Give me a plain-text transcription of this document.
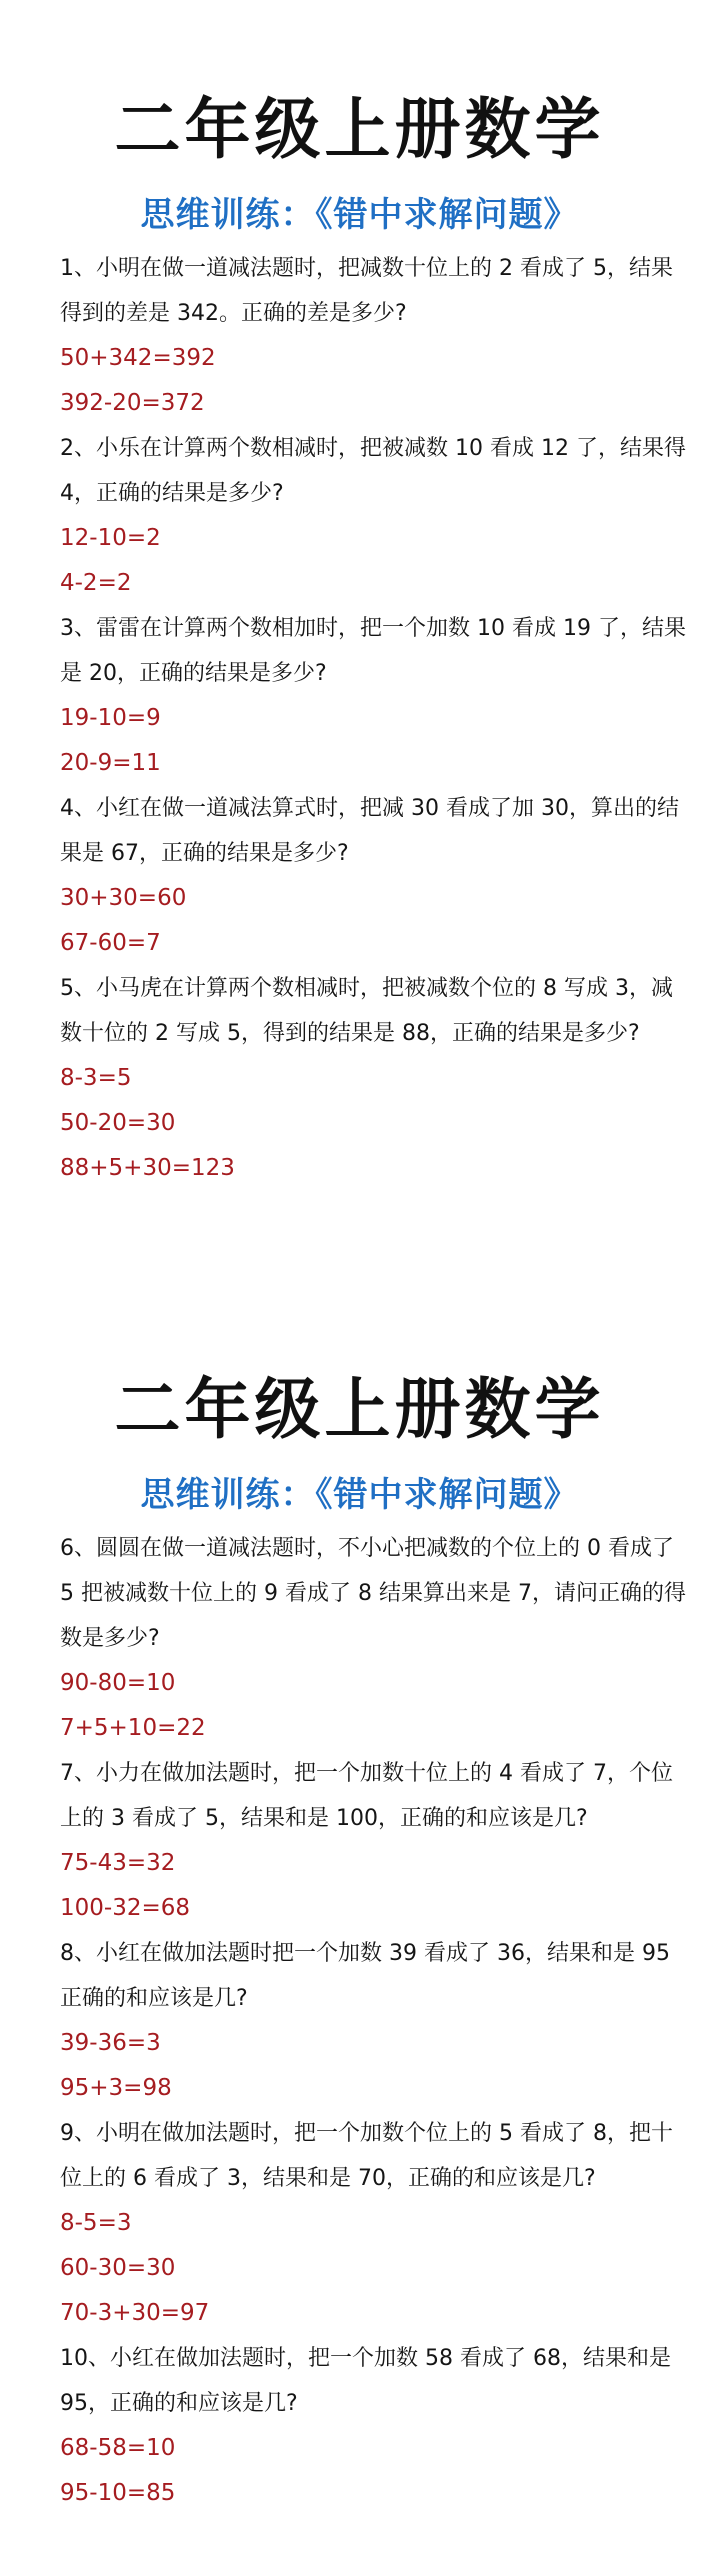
二年级上册数学
思维训练：《错中求解问题》

1、小明在做一道减法题时，把减数十位上的 2 看成了 5，结果得到的差是 342。正确的差是多少?

50+342=392

392-20=372

2、小乐在计算两个数相减时，把被减数 10 看成 12 了，结果得 4，正确的结果是多少?

12-10=2

4-2=2

3、雷雷在计算两个数相加时，把一个加数 10 看成 19 了，结果是 20，正确的结果是多少?

19-10=9

20-9=11

4、小红在做一道减法算式时，把减 30 看成了加 30，算出的结果是 67，正确的结果是多少?

30+30=60

67-60=7

5、小马虎在计算两个数相减时，把被减数个位的 8 写成 3，减数十位的 2 写成 5，得到的结果是 88，正确的结果是多少?

8-3=5

50-20=30

88+5+30=123

二年级上册数学
思维训练：《错中求解问题》

6、圆圆在做一道减法题时，不小心把减数的个位上的 0 看成了 5 把被减数十位上的 9 看成了 8 结果算出来是 7，请问正确的得数是多少?

90-80=10

7+5+10=22

7、小力在做加法题时，把一个加数十位上的 4 看成了 7，个位上的 3 看成了 5，结果和是 100，正确的和应该是几?

75-43=32

100-32=68

8、小红在做加法题时把一个加数 39 看成了 36，结果和是 95 正确的和应该是几?

39-36=3

95+3=98

9、小明在做加法题时，把一个加数个位上的 5 看成了 8，把十位上的 6 看成了 3，结果和是 70，正确的和应该是几?

8-5=3

60-30=30

70-3+30=97

10、小红在做加法题时，把一个加数 58 看成了 68，结果和是 95，正确的和应该是几?

68-58=10

95-10=85
